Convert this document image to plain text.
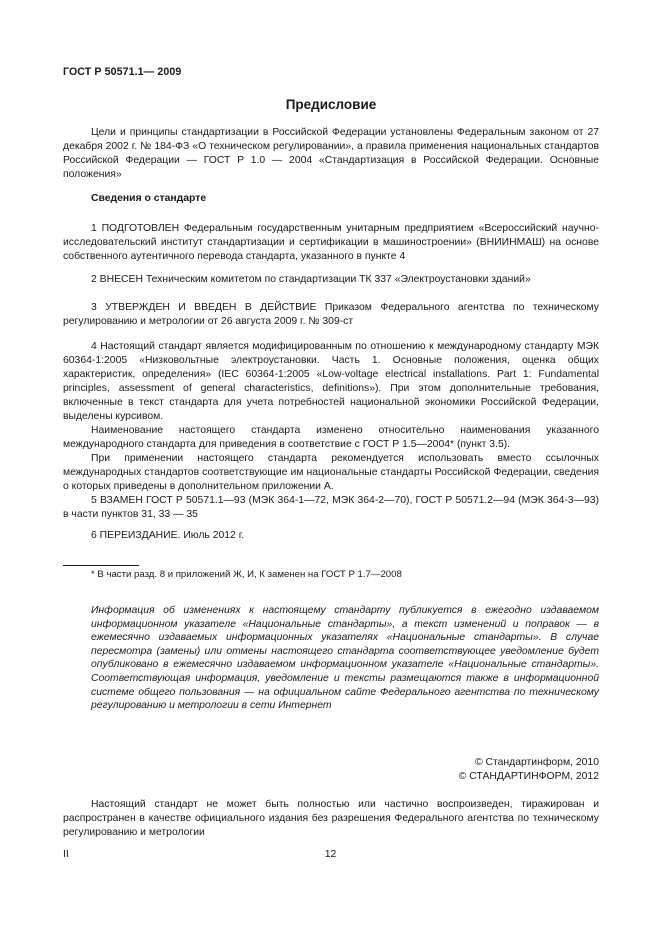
ГОСТ Р 50571.1— 2009
Предисловие

Цели и принципы стандартизации в Российской Федерации установлены Федеральным законом от 27 декабря 2002 г. № 184-ФЗ «О техническом регулировании», а правила применения национальных стандартов Российской Федерации — ГОСТ Р 1.0 — 2004 «Стандартизация в Российской Федерации. Основные положения»

Сведения о стандарте

1 ПОДГОТОВЛЕН Федеральным государственным унитарным предприятием «Всероссийский научно-исследовательский институт стандартизации и сертификации в машиностроении» (ВНИИНМАШ) на основе собственного аутентичного перевода стандарта, указанного в пункте 4

2 ВНЕСЕН Техническим комитетом по стандартизации ТК 337 «Электроустановки зданий»

3 УТВЕРЖДЕН И ВВЕДЕН В ДЕЙСТВИЕ Приказом Федерального агентства по техническому регулированию и метрологии от 26 августа 2009 г. № 309-ст

4 Настоящий стандарт является модифицированным по отношению к международному стандарту МЭК 60364-1:2005 «Низковольтные электроустановки. Часть 1. Основные положения, оценка общих характеристик, определения» (IEC 60364-1:2005 «Low-voltage electrical installations. Part 1: Fundamental principles, assessment of general characteristics, definitions»). При этом дополнительные требования, включенные в текст стандарта для учета потребностей национальной экономики Российской Федерации, выделены курсивом.

Наименование настоящего стандарта изменено относительно наименования указанного международного стандарта для приведения в соответствие с ГОСТ Р 1.5—2004* (пункт 3.5).

При применении настоящего стандарта рекомендуется использовать вместо ссылочных международных стандартов соответствующие им национальные стандарты Российской Федерации, сведения о которых приведены в дополнительном приложении А.

5 ВЗАМЕН ГОСТ Р 50571.1—93 (МЭК 364-1—72, МЭК 364-2—70), ГОСТ Р 50571.2—94 (МЭК 364-3—93) в части пунктов 31, 33 — 35

6 ПЕРЕИЗДАНИЕ. Июль 2012 г.

* В части разд. 8 и приложений Ж, И, К заменен на ГОСТ Р 1.7—2008

Информация об изменениях к настоящему стандарту публикуется в ежегодно издаваемом информационном указателе «Национальные стандарты», а текст изменений и поправок — в ежемесячно издаваемых информационных указателях «Национальные стандарты». В случае пересмотра (замены) или отмены настоящего стандарта соответствующее уведомление будет опубликовано в ежемесячно издаваемом информационном указателе «Национальные стандарты». Соответствующая информация, уведомление и тексты размещаются также в информационной системе общего пользования — на официальном сайте Федерального агентства по техническому регулированию и метрологии в сети Интернет

© Стандартинформ, 2010
© СТАНДАРТИНФОРМ, 2012

Настоящий стандарт не может быть полностью или частично воспроизведен, тиражирован и распространен в качестве официального издания без разрешения Федерального агентства по техническому регулированию и метрологии

II	12
